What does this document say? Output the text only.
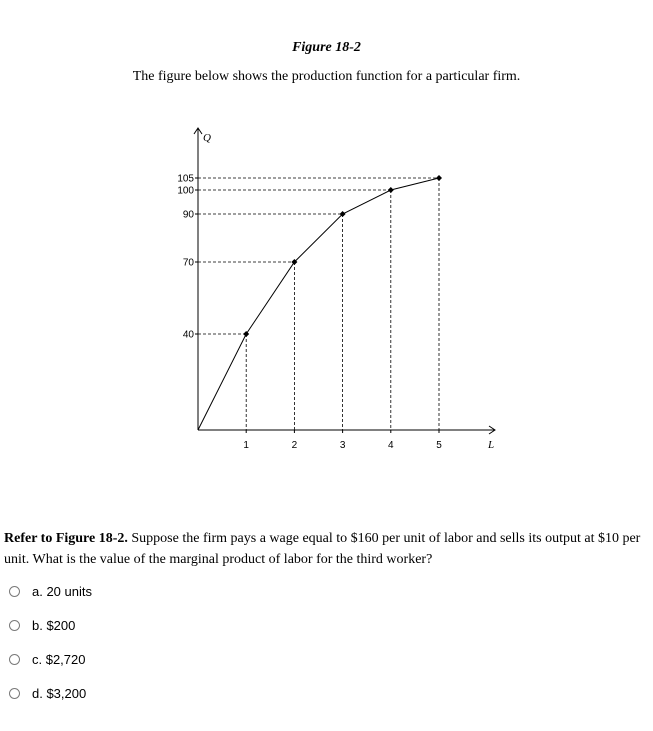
Figure 18-2
The figure below shows the production function for a particular firm.
Q
L
1	2	3	4	5
40
70
90
100
105
Refer to Figure 18-2. Suppose the firm pays a wage equal to $160 per unit of labor and sells its output at $10 per unit. What is the value of the marginal product of labor for the third worker?
a. 20 units
b. $200
c. $2,720
d. $3,200
